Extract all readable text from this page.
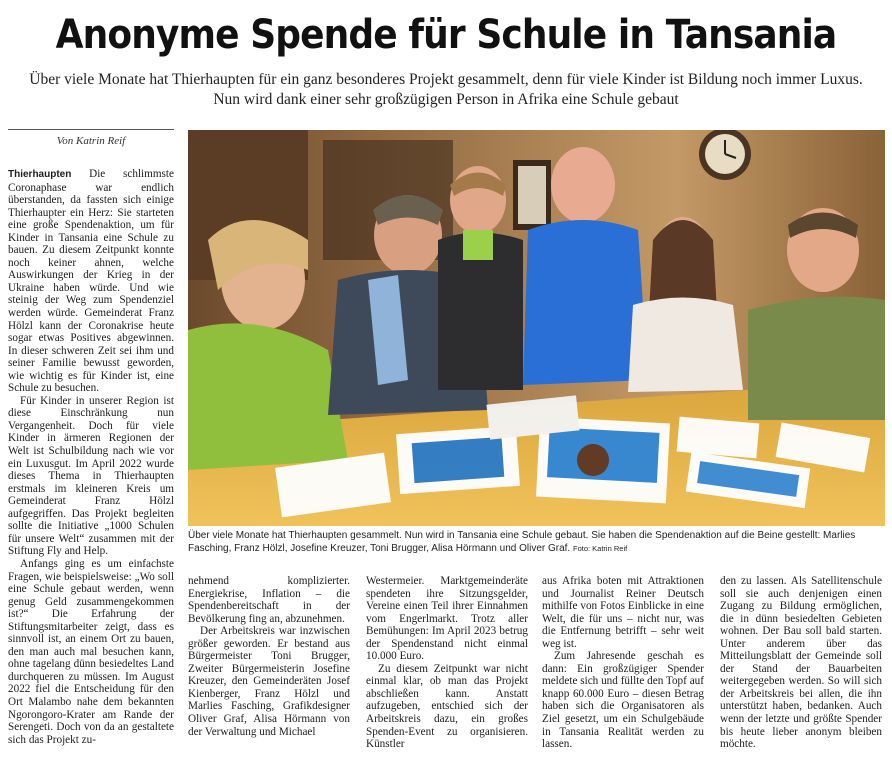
Anonyme Spende für Schule in Tansania
Über viele Monate hat Thierhaupten für ein ganz besonderes Projekt gesammelt, denn für viele Kinder ist Bildung noch immer Luxus. Nun wird dank einer sehr großzügigen Person in Afrika eine Schule gebaut
Von Katrin Reif

Thierhaupten Die schlimmste Coronaphase war endlich überstanden, da fassten sich einige Thierhaupter ein Herz: Sie starteten eine große Spendenaktion, um für Kinder in Tansania eine Schule zu bauen. Zu diesem Zeitpunkt konnte noch keiner ahnen, welche Auswirkungen der Krieg in der Ukraine haben würde. Und wie steinig der Weg zum Spendenziel werden würde. Gemeinderat Franz Hölzl kann der Coronakrise heute sogar etwas Positives abgewinnen. In dieser schweren Zeit sei ihm und seiner Familie bewusst geworden, wie wichtig es für Kinder ist, eine Schule zu besuchen.

Für Kinder in unserer Region ist diese Einschränkung nun Vergangenheit. Doch für viele Kinder in ärmeren Regionen der Welt ist Schulbildung nach wie vor ein Luxusgut. Im April 2022 wurde dieses Thema in Thierhaupten erstmals im kleineren Kreis um Gemeinderat Franz Hölzl aufgegriffen. Das Projekt begleiten sollte die Initiative „1000 Schulen für unsere Welt“ zusammen mit der Stiftung Fly and Help.

Anfangs ging es um einfachste Fragen, wie beispielsweise: „Wo soll eine Schule gebaut werden, wenn genug Geld zusammengekommen ist?“ Die Erfahrung der Stiftungsmitarbeiter zeigt, dass es sinnvoll ist, an einem Ort zu bauen, den man auch mal besuchen kann, ohne tagelang dünn besiedeltes Land durchqueren zu müssen. Im August 2022 fiel die Entscheidung für den Ort Malambo nahe dem bekannten Ngorongoro-Krater am Rande der Serengeti. Doch von da an gestaltete sich das Projekt zu-

Über viele Monate hat Thierhaupten gesammelt. Nun wird in Tansania eine Schule gebaut. Sie haben die Spendenaktion auf die Beine gestellt: Marlies Fasching, Franz Hölzl, Josefine Kreuzer, Toni Brugger, Alisa Hörmann und Oliver Graf. Foto: Katrin Reif

nehmend komplizierter. Energiekrise, Inflation – die Spendenbereitschaft in der Bevölkerung fing an, abzunehmen.

Der Arbeitskreis war inzwischen größer geworden. Er bestand aus Bürgermeister Toni Brugger, Zweiter Bürgermeisterin Josefine Kreuzer, den Gemeinderäten Josef Kienberger, Franz Hölzl und Marlies Fasching, Grafikdesigner Oliver Graf, Alisa Hörmann von der Verwaltung und Michael

Westermeier. Marktgemeinderäte spendeten ihre Sitzungsgelder, Vereine einen Teil ihrer Einnahmen vom Engerlmarkt. Trotz aller Bemühungen: Im April 2023 betrug der Spendenstand nicht einmal 10.000 Euro.

Zu diesem Zeitpunkt war nicht einmal klar, ob man das Projekt abschließen kann. Anstatt aufzugeben, entschied sich der Arbeitskreis dazu, ein großes Spenden-Event zu organisieren. Künstler

aus Afrika boten mit Attraktionen und Journalist Reiner Deutsch mithilfe von Fotos Einblicke in eine Welt, die für uns – nicht nur, was die Entfernung betrifft – sehr weit weg ist.

Zum Jahresende geschah es dann: Ein großzügiger Spender meldete sich und füllte den Topf auf knapp 60.000 Euro – diesen Betrag haben sich die Organisatoren als Ziel gesetzt, um ein Schulgebäude in Tansania Realität werden zu lassen.

den zu lassen. Als Satellitenschule soll sie auch denjenigen einen Zugang zu Bildung ermöglichen, die in dünn besiedelten Gebieten wohnen. Der Bau soll bald starten. Unter anderem über das Mitteilungsblatt der Gemeinde soll der Stand der Bauarbeiten weitergegeben werden. So will sich der Arbeitskreis bei allen, die ihn unterstützt haben, bedanken. Auch wenn der letzte und größte Spender bis heute lieber anonym bleiben möchte.
